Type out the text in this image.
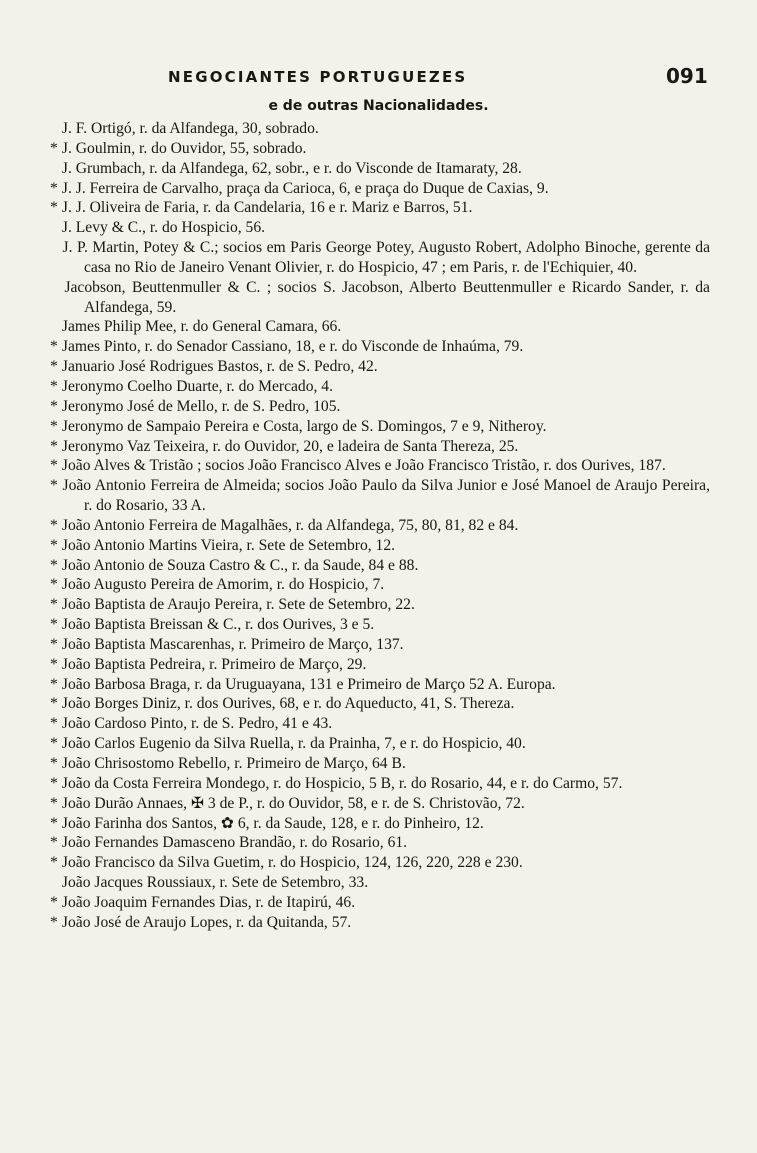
NEGOCIANTES PORTUGUEZES	091
e de outras Nacionalidades.
J. F. Ortigó, r. da Alfandega, 30, sobrado.
* J. Goulmin, r. do Ouvidor, 55, sobrado.
J. Grumbach, r. da Alfandega, 62, sobr., e r. do Visconde de Itamaraty, 28.
* J. J. Ferreira de Carvalho, praça da Carioca, 6, e praça do Duque de Caxias, 9.
* J. J. Oliveira de Faria, r. da Candelaria, 16 e r. Mariz e Barros, 51.
J. Levy & C., r. do Hospicio, 56.
J. P. Martin, Potey & C.; socios em Paris George Potey, Augusto Robert, Adolpho Binoche, gerente da casa no Rio de Janeiro Venant Olivier, r. do Hospicio, 47 ; em Paris, r. de l'Echiquier, 40.
Jacobson, Beuttenmuller & C. ; socios S. Jacobson, Alberto Beuttenmuller e Ricardo Sander, r. da Alfandega, 59.
James Philip Mee, r. do General Camara, 66.
* James Pinto, r. do Senador Cassiano, 18, e r. do Visconde de Inhaúma, 79.
* Januario José Rodrigues Bastos, r. de S. Pedro, 42.
* Jeronymo Coelho Duarte, r. do Mercado, 4.
* Jeronymo José de Mello, r. de S. Pedro, 105.
* Jeronymo de Sampaio Pereira e Costa, largo de S. Domingos, 7 e 9, Nitheroy.
* Jeronymo Vaz Teixeira, r. do Ouvidor, 20, e ladeira de Santa Thereza, 25.
* João Alves & Tristão ; socios João Francisco Alves e João Francisco Tristão, r. dos Ourives, 187.
* João Antonio Ferreira de Almeida; socios João Paulo da Silva Junior e José Manoel de Araujo Pereira, r. do Rosario, 33 A.
* João Antonio Ferreira de Magalhães, r. da Alfandega, 75, 80, 81, 82 e 84.
* João Antonio Martins Vieira, r. Sete de Setembro, 12.
* João Antonio de Souza Castro & C., r. da Saude, 84 e 88.
* João Augusto Pereira de Amorim, r. do Hospicio, 7.
* João Baptista de Araujo Pereira, r. Sete de Setembro, 22.
* João Baptista Breissan & C., r. dos Ourives, 3 e 5.
* João Baptista Mascarenhas, r. Primeiro de Março, 137.
* João Baptista Pedreira, r. Primeiro de Março, 29.
* João Barbosa Braga, r. da Uruguayana, 131 e Primeiro de Março 52 A. Europa.
* João Borges Diniz, r. dos Ourives, 68, e r. do Aqueducto, 41, S. Thereza.
* João Cardoso Pinto, r. de S. Pedro, 41 e 43.
* João Carlos Eugenio da Silva Ruella, r. da Prainha, 7, e r. do Hospicio, 40.
* João Chrisostomo Rebello, r. Primeiro de Março, 64 B.
* João da Costa Ferreira Mondego, r. do Hospicio, 5 B, r. do Rosario, 44, e r. do Carmo, 57.
* João Durão Annaes, ✠ 3 de P., r. do Ouvidor, 58, e r. de S. Christovão, 72.
* João Farinha dos Santos, ✿ 6, r. da Saude, 128, e r. do Pinheiro, 12.
* João Fernandes Damasceno Brandão, r. do Rosario, 61.
* João Francisco da Silva Guetim, r. do Hospicio, 124, 126, 220, 228 e 230.
João Jacques Roussiaux, r. Sete de Setembro, 33.
* João Joaquim Fernandes Dias, r. de Itapirú, 46.
* João José de Araujo Lopes, r. da Quitanda, 57.
